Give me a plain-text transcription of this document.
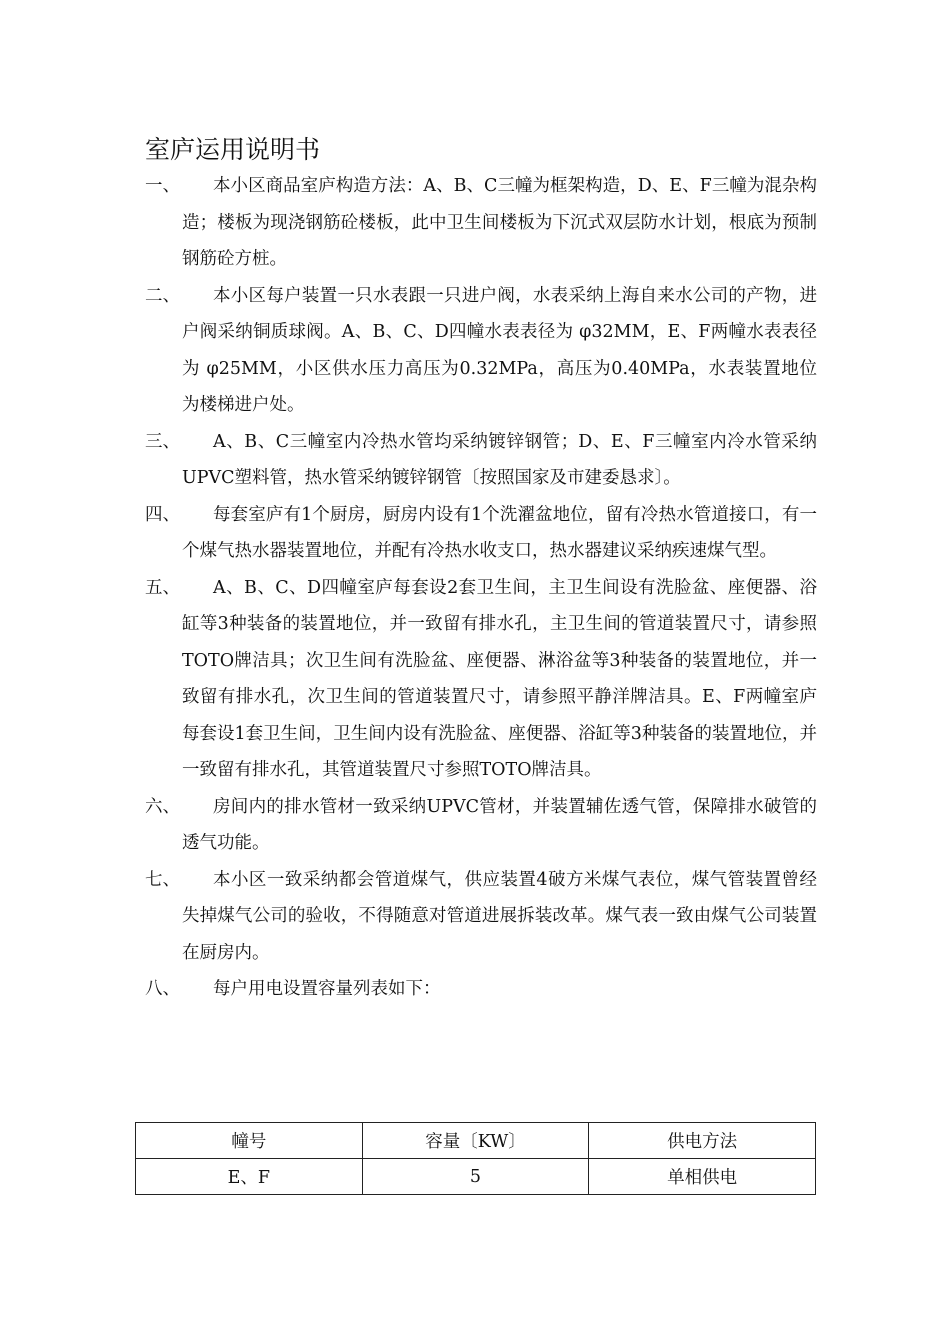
室庐运用说明书
一、	本小区商品室庐构造方法：A、B、C三幢为框架构造，D、E、F三幢为混杂构造；楼板为现浇钢筋砼楼板，此中卫生间楼板为下沉式双层防水计划，根底为预制钢筋砼方桩。
二、	本小区每户装置一只水表跟一只进户阀，水表采纳上海自来水公司的产物，进户阀采纳铜质球阀。A、B、C、D四幢水表表径为 φ32MM，E、F两幢水表表径为 φ25MM，小区供水压力高压为0.32MPa，高压为0.40MPa，水表装置地位为楼梯进户处。
三、	A、B、C三幢室内冷热水管均采纳镀锌钢管；D、E、F三幢室内冷水管采纳UPVC塑料管，热水管采纳镀锌钢管〔按照国家及市建委恳求〕。
四、	每套室庐有1个厨房，厨房内设有1个洗濯盆地位，留有冷热水管道接口，有一个煤气热水器装置地位，并配有冷热水收支口，热水器建议采纳疾速煤气型。
五、	A、B、C、D四幢室庐每套设2套卫生间，主卫生间设有洗脸盆、座便器、浴缸等3种装备的装置地位，并一致留有排水孔，主卫生间的管道装置尺寸，请参照TOTO牌洁具；次卫生间有洗脸盆、座便器、淋浴盆等3种装备的装置地位，并一致留有排水孔，次卫生间的管道装置尺寸，请参照平静洋牌洁具。E、F两幢室庐每套设1套卫生间，卫生间内设有洗脸盆、座便器、浴缸等3种装备的装置地位，并一致留有排水孔，其管道装置尺寸参照TOTO牌洁具。
六、	房间内的排水管材一致采纳UPVC管材，并装置辅佐透气管，保障排水破管的透气功能。
七、	本小区一致采纳都会管道煤气，供应装置4破方米煤气表位，煤气管装置曾经失掉煤气公司的验收，不得随意对管道进展拆装改革。煤气表一致由煤气公司装置在厨房内。
八、	每户用电设置容量列表如下：
幢号	容量〔KW〕	供电方法
E、F	5	单相供电
